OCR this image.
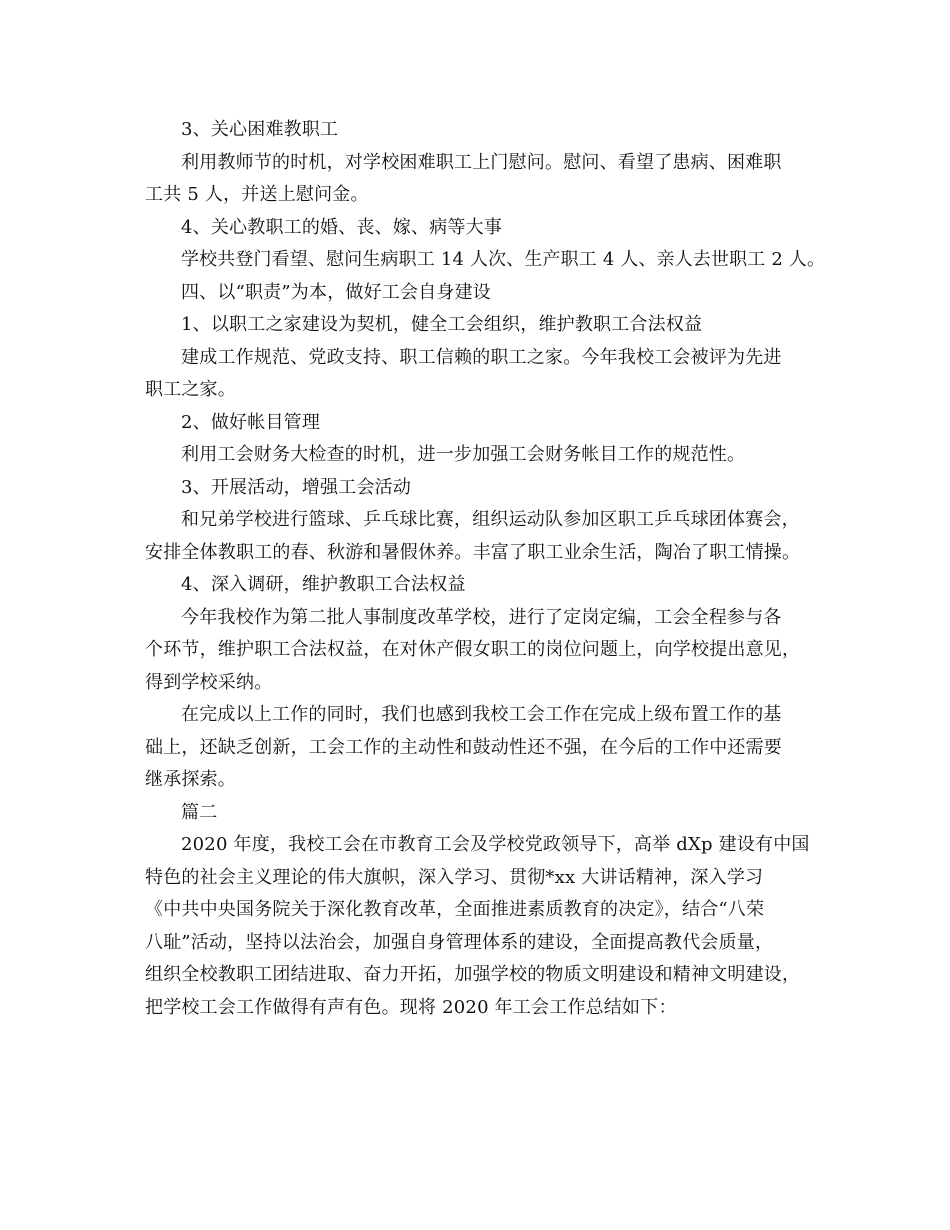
3、关心困难教职工
利用教师节的时机，对学校困难职工上门慰问。慰问、看望了患病、困难职
工共 5 人，并送上慰问金。
4、关心教职工的婚、丧、嫁、病等大事
学校共登门看望、慰问生病职工 14 人次、生产职工 4 人、亲人去世职工 2 人。
四、以“职责”为本，做好工会自身建设
1、以职工之家建设为契机，健全工会组织，维护教职工合法权益
建成工作规范、党政支持、职工信赖的职工之家。今年我校工会被评为先进
职工之家。
2、做好帐目管理
利用工会财务大检查的时机，进一步加强工会财务帐目工作的规范性。
3、开展活动，增强工会活动
和兄弟学校进行篮球、乒乓球比赛，组织运动队参加区职工乒乓球团体赛会，
安排全体教职工的春、秋游和暑假休养。丰富了职工业余生活，陶冶了职工情操。
4、深入调研，维护教职工合法权益
今年我校作为第二批人事制度改革学校，进行了定岗定编，工会全程参与各
个环节，维护职工合法权益，在对休产假女职工的岗位问题上，向学校提出意见，
得到学校采纳。
在完成以上工作的同时，我们也感到我校工会工作在完成上级布置工作的基
础上，还缺乏创新，工会工作的主动性和鼓动性还不强，在今后的工作中还需要
继承探索。
篇二
2020 年度，我校工会在市教育工会及学校党政领导下，高举 dXp 建设有中国
特色的社会主义理论的伟大旗帜，深入学习、贯彻*xx 大讲话精神，深入学习
《中共中央国务院关于深化教育改革，全面推进素质教育的决定》，结合“八荣
八耻”活动，坚持以法治会，加强自身管理体系的建设，全面提高教代会质量，
组织全校教职工团结进取、奋力开拓，加强学校的物质文明建设和精神文明建设，
把学校工会工作做得有声有色。现将 2020 年工会工作总结如下：
